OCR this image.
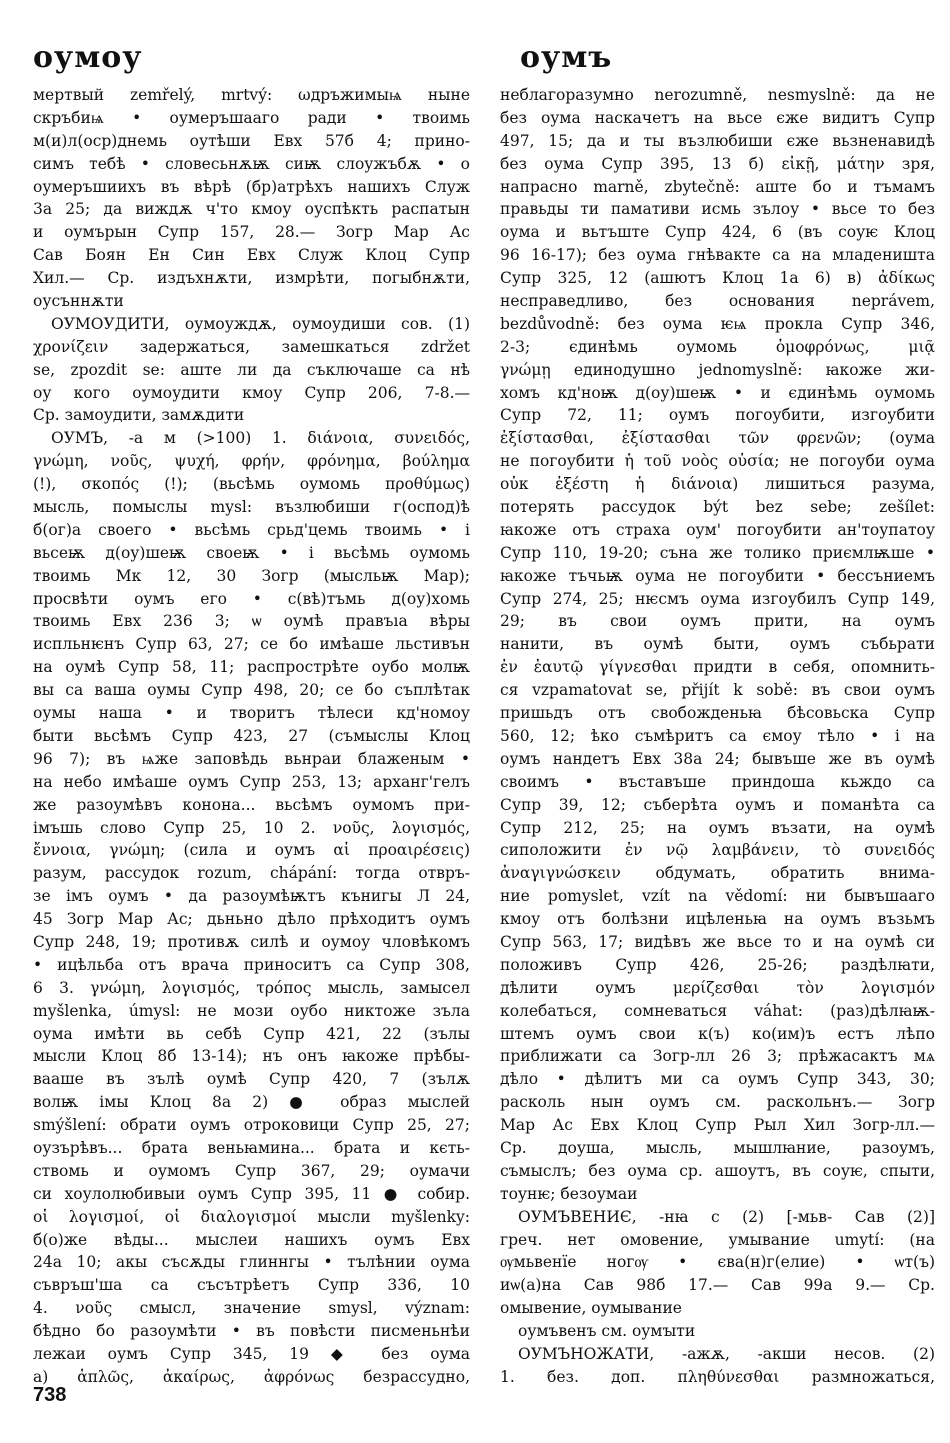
оумоу	оумъ
мертвый zemřelý, mrtvý: ωдръжимыѩ ныне
скръбиѩ • оумеръшааго ради • твоимь
м(и)л(оср)днемь оутѣши Евх 57б 4; прино-
симъ тебѣ • словесьнѫѭ сиѭ слоужъбѫ • о
оумеръшиихъ въ вѣрѣ (бр)атрѣхъ нашихъ Служ
3а 25; да виждѫ ч'то кмоу оуспѣкть распатын
и оумърын Супр 157, 28.— Зогр Мар Ас
Сав Боян Ен Син Евх Служ Клоц Супр
Хил.— Ср. издъхнѫти, измрѣти, погыбнѫти,
оусъннѫти
ОУМОУДИТИ, оумоуждѫ, оумоудиши сов. (1)
χρονίζειν задержаться, замешкаться zdržet
se, zpozdit se: аште ли да съключаше са нѣ
оу кого оумоудити кмоу Супр 206, 7-8.—
Ср. замоудити, замѫдити
ОУМЪ, -а м (>100) 1. διάνοια, συνειδός,
γνώμη, νοῦς, ψυχή, φρήν, φρόνημα, βούλημα
(!), σκοπός (!); (вьсѣмь оумомь προθύμως)
мысль, помыслы mysl: възлюбиши г(оспод)ѣ
б(ог)а своего • вьсѣмь срьд'цемь твоимь • і
вьсеѭ д(оу)шеѭ своеѭ • і вьсѣмь оумомь
твоимь Мк 12, 30 Зогр (мысльѭ Мар);
просвѣти оумъ его • с(вѣ)тъмь д(оу)хомь
твоимь Евх 236 3; ѡ оумѣ правъıа вѣры
испльнѥнъ Супр 63, 27; се бо имѣаше льстивън
на оумѣ Супр 58, 11; распрострѣте оубо молѭ
вы са ваша оумы Супр 498, 20; се бо съплѣтак
оумы наша • и творитъ тѣлеси кд'номоу
быти вьсѣмъ Супр 423, 27 (съмыслы Клоц
96 7); въ ѩже заповѣдь вьнраи блаженым •
на небо имѣаше оумъ Супр 253, 13; арханг'гелъ
же разоумѣвъ конона... вьсѣмъ оумомъ при-
імъшь слово Супр 25, 10 2. νοῦς, λογισμός,
ἔννοια, γνώμη; (сила и оумъ αἱ προαιρέσεις)
разум, рассудок rozum, chápání: тогда отвръ-
зе імъ оумъ • да разоумѣѭтъ кънигы Л 24,
45 Зогр Мар Ас; дьньно дѣло прѣходитъ оумъ
Супр 248, 19; противѫ силѣ и оумоу чловѣкомъ
• ицѣльба отъ врача приноситъ са Супр 308,
6 3. γνώμη, λογισμός, τρόπος мысль, замысел
myšlenka, úmysl: не мози оубо никтоже зъла
оума имѣти вь себѣ Супр 421, 22 (зълы
мысли Клоц 8б 13-14); нъ онъ ꙗкоже прѣбы-
вааше въ зълѣ оумѣ Супр 420, 7 (зълѫ
волѭ імы Клоц 8а 2) ● образ мыслей
smýšlení: обрати оумъ отроковици Супр 25, 27;
оузърѣвъ... брата веньꙗмина... брата и кєть-
ствомь и оумомъ Супр 367, 29; оумачи
си хоулолюбивыи оумъ Супр 395, 11 ● собир.
οἱ λογισμοί, οἱ διαλογισμοί мысли myšlenky:
б(о)же вѣды... мыслеи нашихъ оумъ Евх
24а 10; акы съсѫды глиннгы • тълѣнии оума
съвръш'ша са съсътрѣетъ Супр 336, 10
4. νοῦς смысл, значение smysl, význam:
бѣдно бо разоумѣти • въ повѣсти писменьнѣи
лежаи оумъ Супр 345, 19 ◆ без оума
а) ἁπλῶς, ἀκαίρως, ἀφρόνως безрассудно,
неблагоразумно nerozumně, nesmyslně: да не
без оума наскачетъ на вьсе єже видитъ Супр
497, 15; да и ты възлюбиши єже вьзненавидѣ
без оума Супр 395, 13 б) εἰκῇ, μάτην зря,
напрасно marně, zbytečně: аште бо и тъмамъ
правьды ти памативи исмь зълоу • вьсе то без
оума и вьтъште Супр 424, 6 (въ соуѥ Клоц
96 16-17); без оума гнѣвакте са на младеништа
Супр 325, 12 (ашютъ Клоц 1а 6) в) ἀδίκως
несправедливо, без основания neprávem,
bezdůvodně: без оума ѥѩ прокла Супр 346,
2-3; єдинѣмь оумомь ὁμοφρόνως, μιᾷ
γνώμῃ единодушно jednomyslně: ꙗкоже жи-
хомъ кд'ноѭ д(оу)шеѭ • и єдинѣмь оумомь
Супр 72, 11; оумъ погоубити, изгоубити
ἐξίστασθαι, ἐξίστασθαι τῶν φρενῶν; (оума
не погоубити ἡ τοῦ νοὸς οὐσία; не погоуби оума
οὐκ ἐξέστη ἡ διάνοια) лишиться разума,
потерять рассудок být bez sebe; zešílet:
ꙗкоже отъ страха оум' погоубити ан'тоупатоу
Супр 110, 19-20; съна же толико приємлѭше •
ꙗкоже тъчьѭ оума не погоубити • бессъниемъ
Супр 274, 25; нѥсмъ оума изгоубилъ Супр 149,
29; въ свои оумъ прити, на оумъ
нанити, въ оумѣ быти, оумъ събьрати
ἐν ἑαυτῷ γίγνεσθαι придти в себя, опомнить-
ся vzpamatovat se, přijít k sobě: въ свои оумъ
пришьдъ отъ свобожденьꙗ бѣсовьска Супр
560, 12; ѣко съмѣритъ са ємоу тѣло • і на
оумъ нандетъ Евх 38а 24; бывъше же въ оумѣ
своимъ • въставъше приндоша кьждо са
Супр 39, 12; съберѣта оумъ и поманѣта са
Супр 212, 25; на оумъ възати, на оумѣ
сиположити ἐν νῷ λαμβάνειν, τὸ συνειδός
ἀναγιγνώσκειν обдумать, обратить внима-
ние pomyslet, vzít na vědomí: ни бывъшааго
кмоу отъ болѣзни ицѣленьꙗ на оумъ възьмъ
Супр 563, 17; видѣвъ же вьсе то и на оумѣ си
положивъ Супр 426, 25-26; раздѣлꙗти,
дѣлити оумъ μερίζεσθαι τὸν λογισμόν
колебаться, сомневаться váhat: (раз)дѣлꙗѭ-
штемъ оумъ свои к(ъ) ко(им)ъ естъ лѣпо
приближати са Зогр-лл 26 3; прѣжасактъ мѧ
дѣло • дѣлитъ ми са оумъ Супр 343, 30;
расколь нын оумъ см. раскольнъ.— Зогр
Мар Ас Евх Клоц Супр Рыл Хил Зогр-лл.—
Ср. доуша, мысль, мышлꙗние, разоумъ,
съмыслъ; без оума ср. ашоутъ, въ соуѥ, спыти,
тоунѥ; безоумаи
ОУМЪВЕНИЄ, -нꙗ с (2) [-мьв- Сав (2)]
греч. нет омовение, умывание umytí: (на
ѹмьвенїе ногѹ • єва(н)г(елие) • ѡт(ъ)
иѡ(а)на Сав 98б 17.— Сав 99а 9.— Ср.
омывение, оумывание
оумъвенъ см. оумꙑти
ОУМЪНОЖАТИ, -ажѫ, -акши несов. (2)
1. без. доп. πληθύνεσθαι размножаться,
738
